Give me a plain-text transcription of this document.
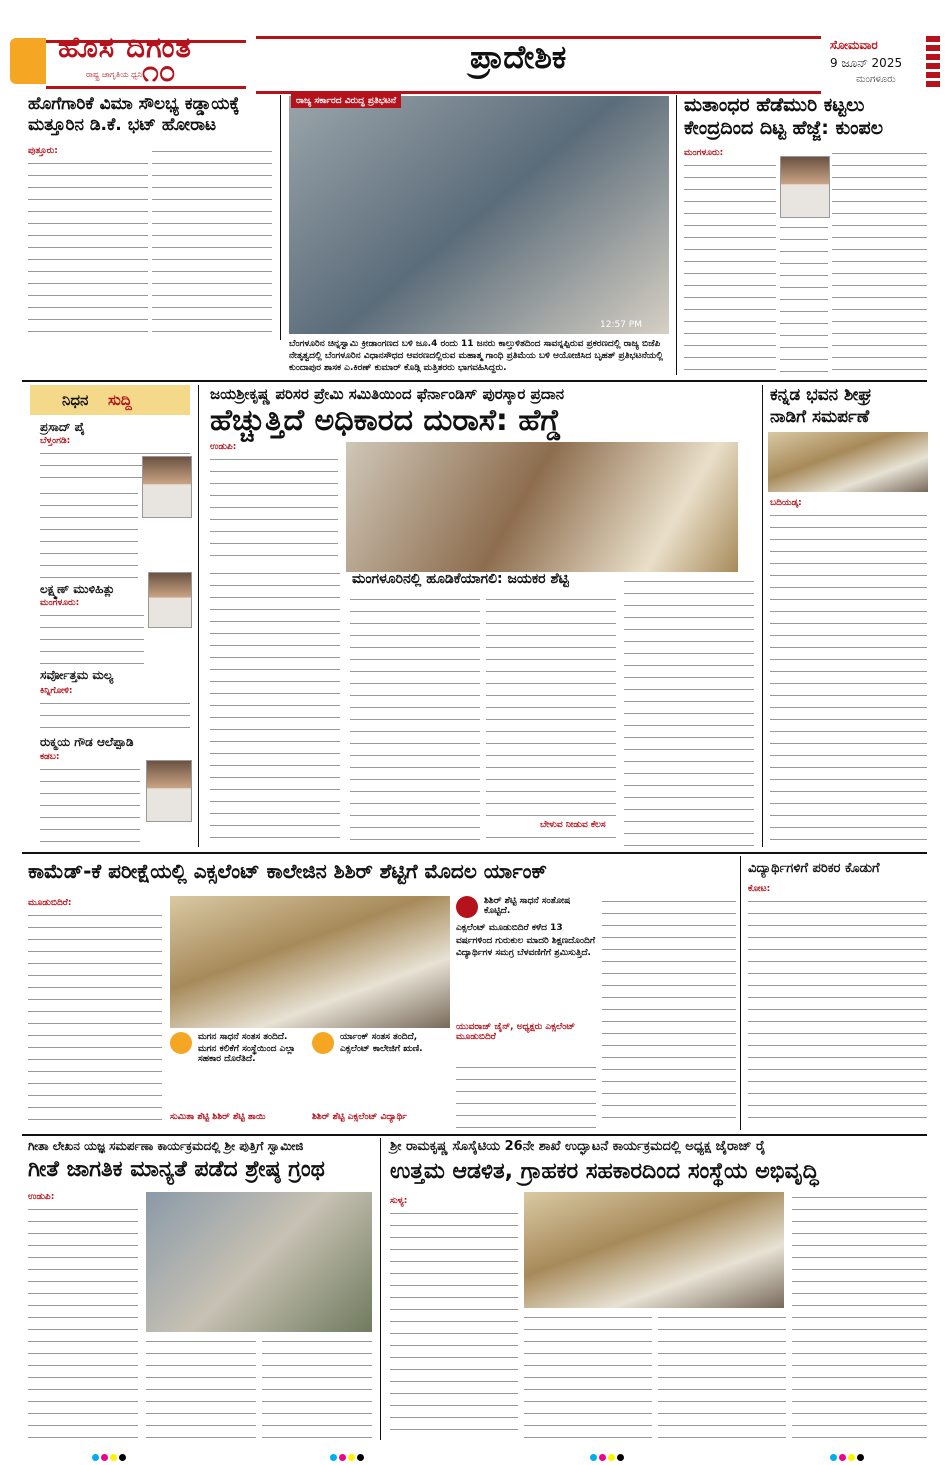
ಹೊಸ ದಿಗಂತ
ರಾಷ್ಟ್ರ ಜಾಗೃತಿಯ ಧ್ವನಿ ೧೦	ಪ್ರಾದೇಶಿಕ	ಸೋಮವಾರ
9 ಜೂನ್ 2025
ಮಂಗಳೂರು
ಹೊಗೆಗಾರಿಕೆ ವಿಮಾ ಸೌಲಭ್ಯ ಕಡ್ಡಾಯಕ್ಕೆ
ಮತ್ತೂರಿನ ಡಿ.ಕೆ. ಭಟ್ ಹೋರಾಟ
ಪುತ್ತೂರು:
ರಾಜ್ಯ ಸರ್ಕಾರದ ವಿರುದ್ಧ ಪ್ರತಿಭಟನೆ
12:57 PM
ಬೆಂಗಳೂರಿನ ಚಿನ್ನಸ್ವಾಮಿ ಕ್ರೀಡಾಂಗಣದ ಬಳಿ ಜೂ.4 ರಂದು 11 ಜನರು ಕಾಲ್ತುಳಿತದಿಂದ ಸಾವನ್ನಪ್ಪಿರುವ ಪ್ರಕರಣದಲ್ಲಿ ರಾಜ್ಯ ಬಿಜೆಪಿ ನೇತೃತ್ವದಲ್ಲಿ ಬೆಂಗಳೂರಿನ ವಿಧಾನಸೌಧದ ಆವರಣದಲ್ಲಿರುವ ಮಹಾತ್ಮ ಗಾಂಧಿ ಪ್ರತಿಮೆಯ ಬಳಿ ಆಯೋಜಿಸಿದ ಬೃಹತ್ ಪ್ರತಿಭಟನೆಯಲ್ಲಿ ಕುಂದಾಪುರ ಶಾಸಕ ಎ.ಕಿರಣ್ ಕುಮಾರ್ ಕೊಡ್ಗಿ ಮತ್ತಿತರರು ಭಾಗವಹಿಸಿದ್ದರು.
ಮತಾಂಧರ ಹೆಡೆಮುರಿ ಕಟ್ಟಲು
ಕೇಂದ್ರದಿಂದ ದಿಟ್ಟ ಹೆಜ್ಜೆ: ಕುಂಪಲ
ಮಂಗಳೂರು:
ನಿಧನ ಸುದ್ದಿ
ಪ್ರಸಾದ್ ಪೈ
ಬೆಳ್ತಂಗಡಿ:
ಲಕ್ಷ್ಮಣ್ ಮುಳಿಹಿತ್ಲು
ಮಂಗಳೂರು:
ಸರ್ವೋತ್ತಮ ಮಲ್ಯ
ಕಿನ್ನಿಗೋಳಿ:
ರುಕ್ಮಯ ಗೌಡ ಆಲೆಪ್ಪಾಡಿ
ಕಡಬ:
ಜಯಶ್ರೀಕೃಷ್ಣ ಪರಿಸರ ಪ್ರೇಮಿ ಸಮಿತಿಯಿಂದ ಫೆರ್ನಾಂಡಿಸ್ ಪುರಸ್ಕಾರ ಪ್ರದಾನ
ಹೆಚ್ಚುತ್ತಿದೆ ಅಧಿಕಾರದ ದುರಾಸೆ: ಹೆಗ್ಡೆ
ಉಡುಪಿ:
ಮಂಗಳೂರಿನಲ್ಲಿ ಹೂಡಿಕೆಯಾಗಲಿ: ಜಯಕರ ಶೆಟ್ಟಿ
ಬೇಳುವ ನೀಡುವ ಕೆಲಸ
ಕನ್ನಡ ಭವನ ಶೀಘ್ರ
ನಾಡಿಗೆ ಸಮರ್ಪಣೆ
ಬದಿಯಡ್ಕ:
ಕಾಮೆಡ್-ಕೆ ಪರೀಕ್ಷೆಯಲ್ಲಿ ಎಕ್ಸಲೆಂಟ್ ಕಾಲೇಜಿನ ಶಿಶಿರ್ ಶೆಟ್ಟಿಗೆ ಮೊದಲ ರ್ಯಾಂಕ್
ಮೂಡುಬಿದಿರೆ:
ಮಗನ ಸಾಧನೆ ಸಂತಸ ತಂದಿದೆ.
ಮಗನ ಕಲಿಕೆಗೆ ಸಂಸ್ಥೆಯಿಂದ ಎಲ್ಲಾ ಸಹಕಾರ ದೊರೆತಿದೆ.
ಸುಮಿತಾ ಶೆಟ್ಟಿ ಶಿಶಿರ್ ಶೆಟ್ಟಿ ತಾಯಿ
ರ್ಯಾಂಕ್ ಸಂತಸ ತಂದಿದೆ,
ಎಕ್ಸಲೆಂಟ್ ಕಾಲೇಜಿಗೆ ಋಣಿ.
ಶಿಶಿರ್ ಶೆಟ್ಟಿ ಎಕ್ಸಲೆಂಟ್ ವಿದ್ಯಾರ್ಥಿ
ಶಿಶಿರ್ ಶೆಟ್ಟಿ ಸಾಧನೆ ಸಂತೋಷ ಕೊಟ್ಟಿದೆ.
ಎಕ್ಸಲೆಂಟ್ ಮೂಡುಬಿದಿರೆ ಕಳೆದ 13 ವರ್ಷಗಳಿಂದ ಗುರುಕುಲ ಮಾದರಿ ಶಿಕ್ಷಣದೊಂದಿಗೆ ವಿದ್ಯಾರ್ಥಿಗಳ ಸಮಗ್ರ ಬೆಳವಣಿಗೆಗೆ ಶ್ರಮಿಸುತ್ತಿದೆ.
ಯುವರಾಜ್ ಜೈನ್, ಅಧ್ಯಕ್ಷರು ಎಕ್ಸಲೆಂಟ್ ಮೂಡುಬಿದಿರೆ
ವಿದ್ಯಾರ್ಥಿಗಳಿಗೆ ಪರಿಕರ ಕೊಡುಗೆ
ಕೋಟ:
ಗೀತಾ ಲೇಖನ ಯಜ್ಞ ಸಮರ್ಪಣಾ ಕಾರ್ಯಕ್ರಮದಲ್ಲಿ ಶ್ರೀ ಪುತ್ತಿಗೆ ಸ್ವಾಮೀಜಿ
ಗೀತೆ ಜಾಗತಿಕ ಮಾನ್ಯತೆ ಪಡೆದ ಶ್ರೇಷ್ಠ ಗ್ರಂಥ
ಉಡುಪಿ:
ಶ್ರೀ ರಾಮಕೃಷ್ಣ ಸೊಸೈಟಿಯ 26ನೇ ಶಾಖೆ ಉದ್ಘಾಟನೆ ಕಾರ್ಯಕ್ರಮದಲ್ಲಿ ಅಧ್ಯಕ್ಷ ಜೈರಾಜ್ ರೈ
ಉತ್ತಮ ಆಡಳಿತ, ಗ್ರಾಹಕರ ಸಹಕಾರದಿಂದ ಸಂಸ್ಥೆಯ ಅಭಿವೃದ್ಧಿ
ಸುಳ್ಯ:
